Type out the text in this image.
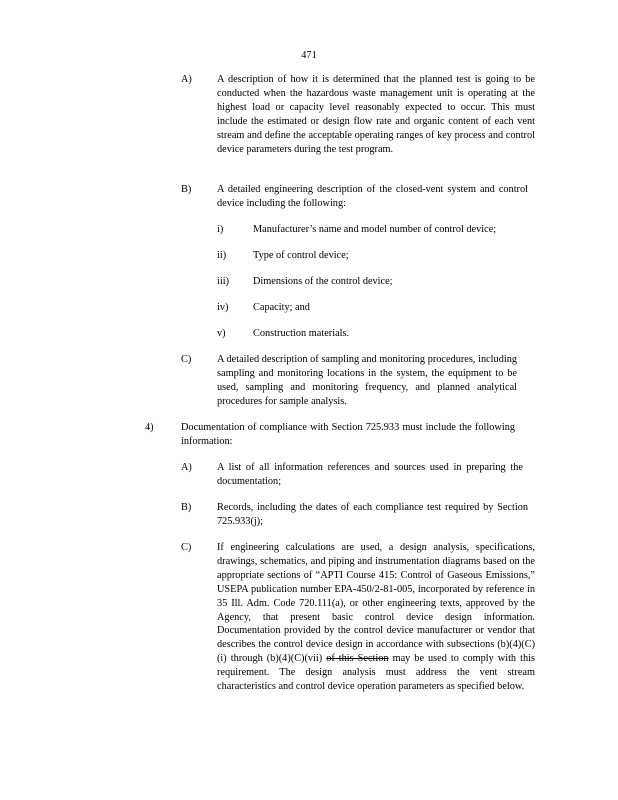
471
A) A description of how it is determined that the planned test is going to be conducted when the hazardous waste management unit is operating at the highest load or capacity level reasonably expected to occur. This must include the estimated or design flow rate and organic content of each vent stream and define the acceptable operating ranges of key process and control device parameters during the test program.
B) A detailed engineering description of the closed-vent system and control device including the following:
i)	Manufacturer’s name and model number of control device;
ii)	Type of control device;
iii) Dimensions of the control device;
iv) Capacity; and
v)	Construction materials.
C) A detailed description of sampling and monitoring procedures, including sampling and monitoring locations in the system, the equipment to be used, sampling and monitoring frequency, and planned analytical procedures for sample analysis.
4)	Documentation of compliance with Section 725.933 must include the following information:
A) A list of all information references and sources used in preparing the documentation;
B) Records, including the dates of each compliance test required by Section 725.933(j);
C) If engineering calculations are used, a design analysis, specifications, drawings, schematics, and piping and instrumentation diagrams based on the appropriate sections of “APTI Course 415: Control of Gaseous Emissions,” USEPA publication number EPA-450/2-81-005, incorporated by reference in 35 Ill. Adm. Code 720.111(a), or other engineering texts, approved by the Agency, that present basic control device design information. Documentation provided by the control device manufacturer or vendor that describes the control device design in accordance with subsections (b)(4)(C)(i) through (b)(4)(C)(vii) of this Section may be used to comply with this requirement. The design analysis must address the vent stream characteristics and control device operation parameters as specified below.
